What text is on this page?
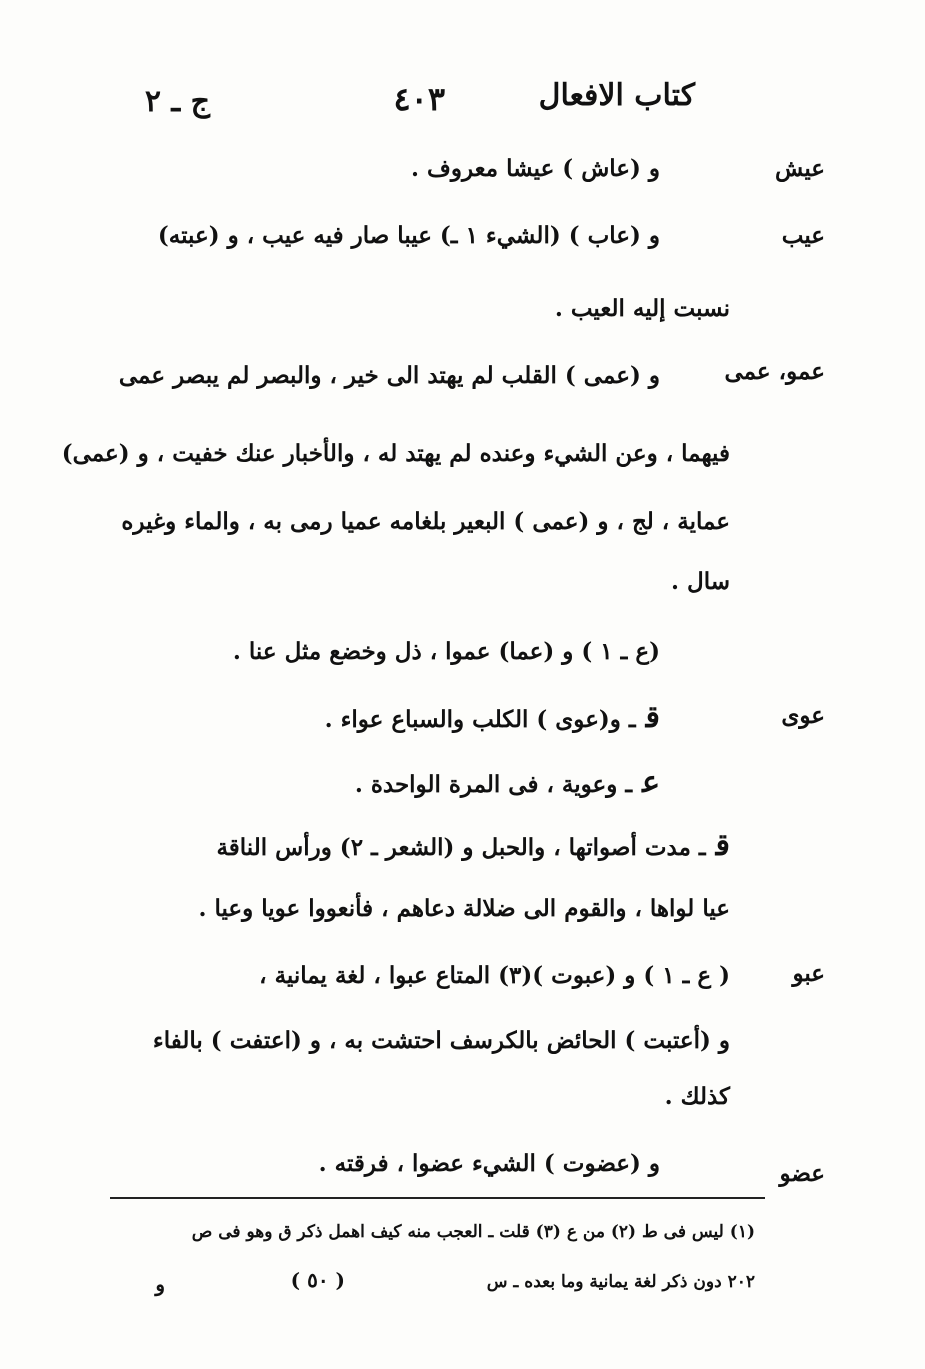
كتاب الافعال
٤٠٣
ج ـ ٢
عيش
و (عاش ) عيشا معروف .
عيب
و (عاب ) (الشيء ١ ـ) عيبا صار فيه عيب ، و (عبته)
نسبت إليه العيب .
عمو، عمى
و (عمى ) القلب لم يهتد الى خير ، والبصر لم يبصر عمى
فيهما ، وعن الشيء وعنده لم يهتد له ، والأخبار عنك خفيت ، و (عمى)
عماية ، لج ، و (عمى ) البعير بلغامه عميا رمى به ، والماء وغيره
سال .
(ع ـ ١ ) و (عما) عموا ، ذل وخضع مثل عنا .
عوى
قـ و(عوى ) الكلب والسباع عواء .
عـ وعوية ، فى المرة الواحدة .
قـ مدت أصواتها ، والحبل و (الشعر ـ ٢) ورأس الناقة
عيا لواها ، والقوم الى ضلالة دعاهم ، فأنعووا عويا وعيا .
عبو
( ع ـ ١ ) و (عبوت )(٣) المتاع عبوا ، لغة يمانية ،
و (أعتبت ) الحائض بالكرسف احتشت به ، و (اعتفت ) بالفاء
كذلك .
عضو
و (عضوت ) الشيء عضوا ، فرقته .
(١) ليس فى ط (٢) من ع (٣) قلت ـ العجب منه كيف اهمل ذكر ق وهو فى ص
٢٠٢ دون ذكر لغة يمانية وما بعده ـ س
( ٥٠ )
و
